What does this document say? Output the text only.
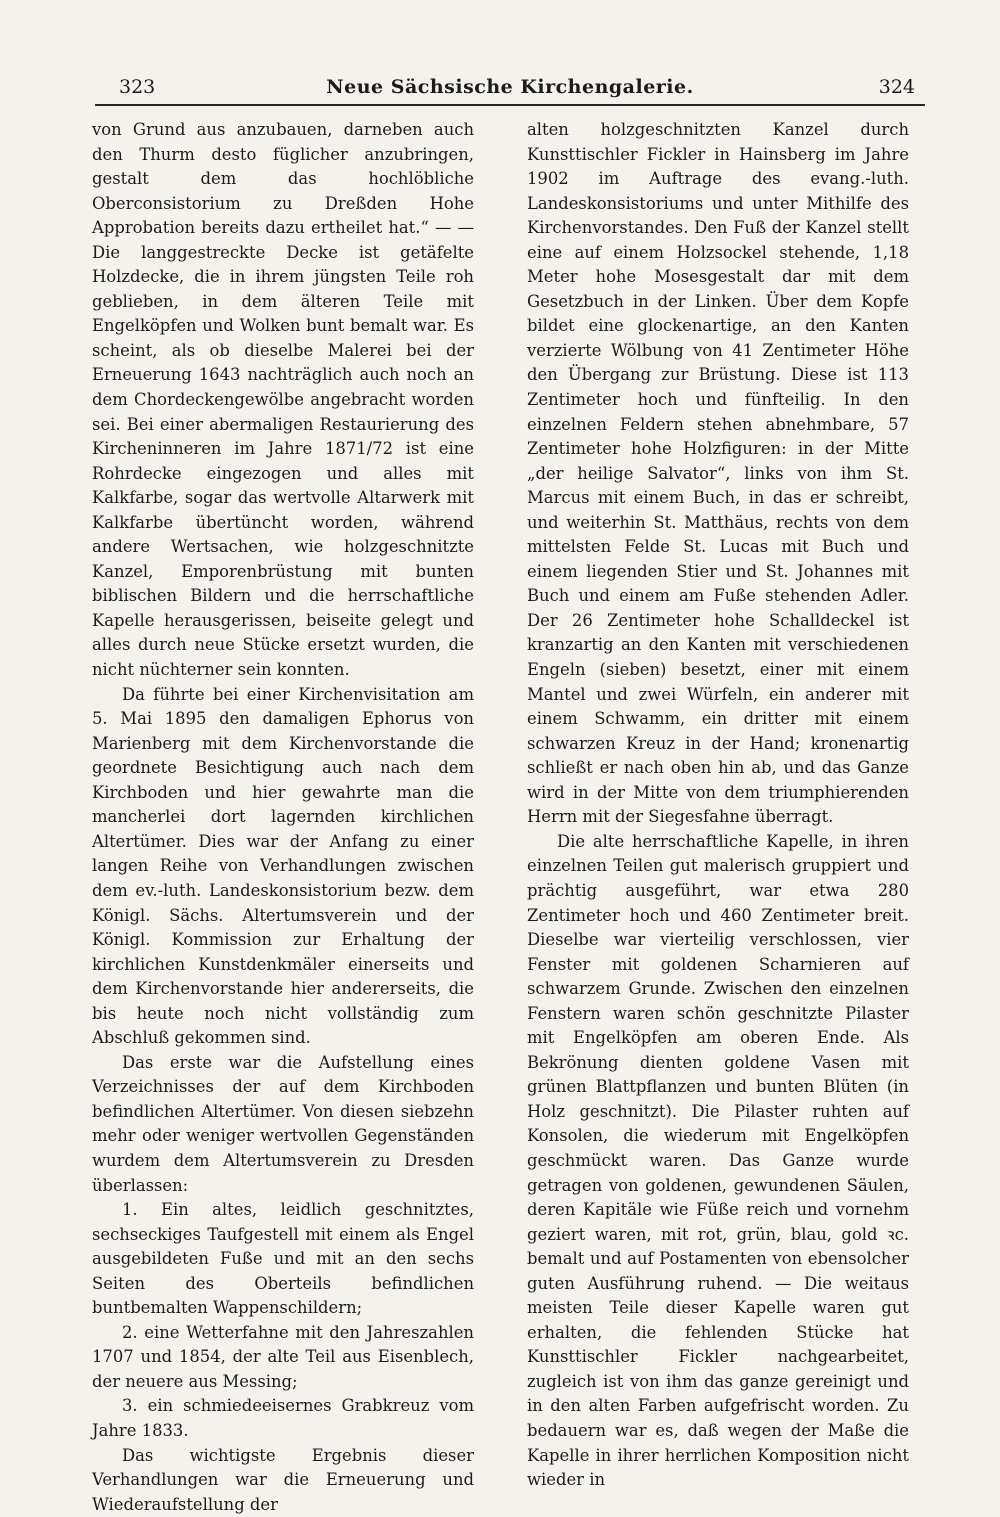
323	Neue Sächsische Kirchengalerie.	324

von Grund aus anzubauen, darneben auch den Thurm desto füglicher anzubringen, gestalt dem das hochlöbliche Oberconsistorium zu Dreßden Hohe Approbation bereits dazu ertheilet hat.“ — — Die langgestreckte Decke ist getäfelte Holzdecke, die in ihrem jüngsten Teile roh geblieben, in dem älteren Teile mit Engelköpfen und Wolken bunt bemalt war. Es scheint, als ob dieselbe Malerei bei der Erneuerung 1643 nachträglich auch noch an dem Chordeckengewölbe angebracht worden sei. Bei einer abermaligen Restaurierung des Kircheninneren im Jahre 1871/72 ist eine Rohrdecke eingezogen und alles mit Kalkfarbe, sogar das wertvolle Altarwerk mit Kalkfarbe übertüncht worden, während andere Wertsachen, wie holzgeschnitzte Kanzel, Emporenbrüstung mit bunten biblischen Bildern und die herrschaftliche Kapelle herausgerissen, beiseite gelegt und alles durch neue Stücke ersetzt wurden, die nicht nüchterner sein konnten.

Da führte bei einer Kirchenvisitation am 5. Mai 1895 den damaligen Ephorus von Marienberg mit dem Kirchenvorstande die geordnete Besichtigung auch nach dem Kirchboden und hier gewahrte man die mancherlei dort lagernden kirchlichen Altertümer. Dies war der Anfang zu einer langen Reihe von Verhandlungen zwischen dem ev.-luth. Landeskonsistorium bezw. dem Königl. Sächs. Altertumsverein und der Königl. Kommission zur Erhaltung der kirchlichen Kunstdenkmäler einerseits und dem Kirchenvorstande hier andererseits, die bis heute noch nicht vollständig zum Abschluß gekommen sind.

Das erste war die Aufstellung eines Verzeichnisses der auf dem Kirchboden befindlichen Altertümer. Von diesen siebzehn mehr oder weniger wertvollen Gegenständen wurdem dem Altertumsverein zu Dresden überlassen:

1. Ein altes, leidlich geschnitztes, sechseckiges Taufgestell mit einem als Engel ausgebildeten Fuße und mit an den sechs Seiten des Oberteils befindlichen buntbemalten Wappenschildern;

2. eine Wetterfahne mit den Jahreszahlen 1707 und 1854, der alte Teil aus Eisenblech, der neuere aus Messing;

3. ein schmiedeeisernes Grabkreuz vom Jahre 1833.

Das wichtigste Ergebnis dieser Verhandlungen war die Erneuerung und Wiederaufstellung der

alten holzgeschnitzten Kanzel durch Kunsttischler Fickler in Hainsberg im Jahre 1902 im Auftrage des evang.-luth. Landeskonsistoriums und unter Mithilfe des Kirchenvorstandes. Den Fuß der Kanzel stellt eine auf einem Holzsockel stehende, 1,18 Meter hohe Mosesgestalt dar mit dem Gesetzbuch in der Linken. Über dem Kopfe bildet eine glockenartige, an den Kanten verzierte Wölbung von 41 Zentimeter Höhe den Übergang zur Brüstung. Diese ist 113 Zentimeter hoch und fünfteilig. In den einzelnen Feldern stehen abnehmbare, 57 Zentimeter hohe Holzfiguren: in der Mitte „der heilige Salvator“, links von ihm St. Marcus mit einem Buch, in das er schreibt, und weiterhin St. Matthäus, rechts von dem mittelsten Felde St. Lucas mit Buch und einem liegenden Stier und St. Johannes mit Buch und einem am Fuße stehenden Adler. Der 26 Zentimeter hohe Schalldeckel ist kranzartig an den Kanten mit verschiedenen Engeln (sieben) besetzt, einer mit einem Mantel und zwei Würfeln, ein anderer mit einem Schwamm, ein dritter mit einem schwarzen Kreuz in der Hand; kronenartig schließt er nach oben hin ab, und das Ganze wird in der Mitte von dem triumphierenden Herrn mit der Siegesfahne überragt.

Die alte herrschaftliche Kapelle, in ihren einzelnen Teilen gut malerisch gruppiert und prächtig ausgeführt, war etwa 280 Zentimeter hoch und 460 Zentimeter breit. Dieselbe war vierteilig verschlossen, vier Fenster mit goldenen Scharnieren auf schwarzem Grunde. Zwischen den einzelnen Fenstern waren schön geschnitzte Pilaster mit Engelköpfen am oberen Ende. Als Bekrönung dienten goldene Vasen mit grünen Blattpflanzen und bunten Blüten (in Holz geschnitzt). Die Pilaster ruhten auf Konsolen, die wiederum mit Engelköpfen geschmückt waren. Das Ganze wurde getragen von goldenen, gewundenen Säulen, deren Kapitäle wie Füße reich und vornehm geziert waren, mit rot, grün, blau, gold ꝛc. bemalt und auf Postamenten von ebensolcher guten Ausführung ruhend. — Die weitaus meisten Teile dieser Kapelle waren gut erhalten, die fehlenden Stücke hat Kunsttischler Fickler nachgearbeitet, zugleich ist von ihm das ganze gereinigt und in den alten Farben aufgefrischt worden. Zu bedauern war es, daß wegen der Maße die Kapelle in ihrer herrlichen Komposition nicht wieder in
